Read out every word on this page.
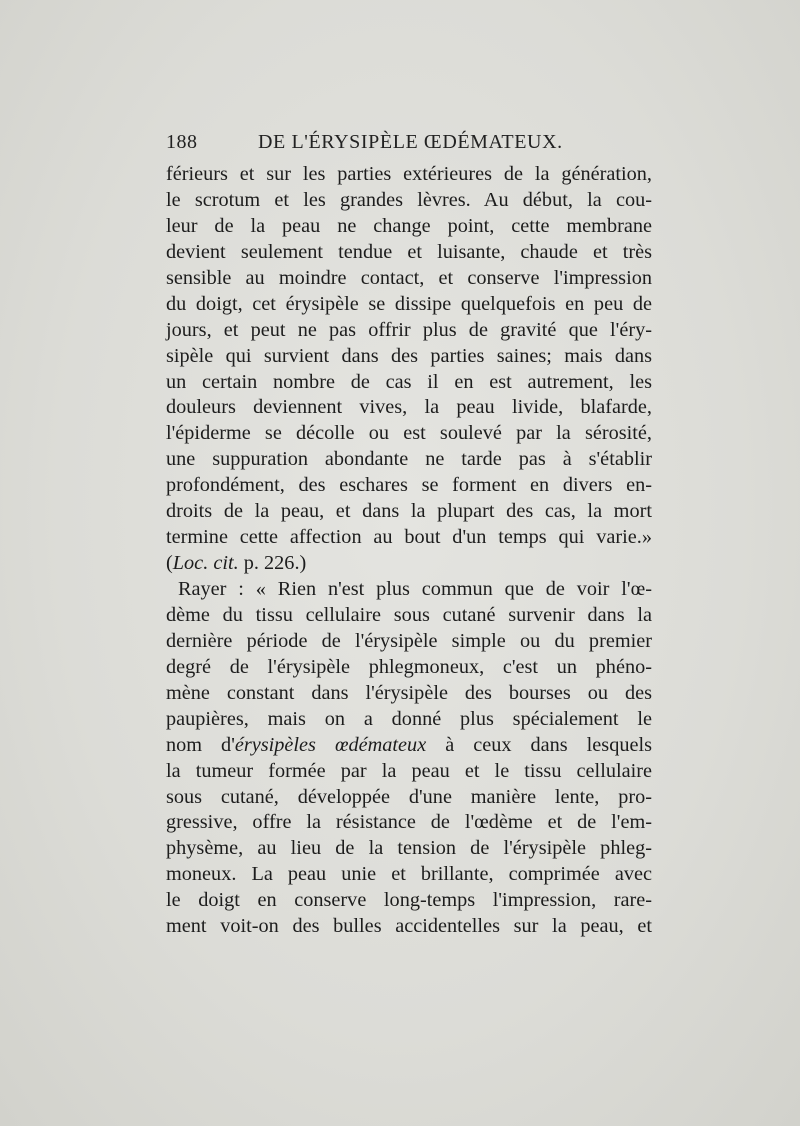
188	DE L'ÉRYSIPÈLE ŒDÉMATEUX.
férieurs et sur les parties extérieures de la génération,
le scrotum et les grandes lèvres. Au début, la cou-
leur de la peau ne change point, cette membrane
devient seulement tendue et luisante, chaude et très
sensible au moindre contact, et conserve l'impression
du doigt, cet érysipèle se dissipe quelquefois en peu de
jours, et peut ne pas offrir plus de gravité que l'éry-
sipèle qui survient dans des parties saines; mais dans
un certain nombre de cas il en est autrement, les
douleurs deviennent vives, la peau livide, blafarde,
l'épiderme se décolle ou est soulevé par la sérosité,
une suppuration abondante ne tarde pas à s'établir
profondément, des eschares se forment en divers en-
droits de la peau, et dans la plupart des cas, la mort
termine cette affection au bout d'un temps qui varie.»
(Loc. cit. p. 226.)
Rayer : « Rien n'est plus commun que de voir l'œ-
dème du tissu cellulaire sous cutané survenir dans la
dernière période de l'érysipèle simple ou du premier
degré de l'érysipèle phlegmoneux, c'est un phéno-
mène constant dans l'érysipèle des bourses ou des
paupières, mais on a donné plus spécialement le
nom d'érysipèles œdémateux à ceux dans lesquels
la tumeur formée par la peau et le tissu cellulaire
sous cutané, développée d'une manière lente, pro-
gressive, offre la résistance de l'œdème et de l'em-
physème, au lieu de la tension de l'érysipèle phleg-
moneux. La peau unie et brillante, comprimée avec
le doigt en conserve long-temps l'impression, rare-
ment voit-on des bulles accidentelles sur la peau, et
